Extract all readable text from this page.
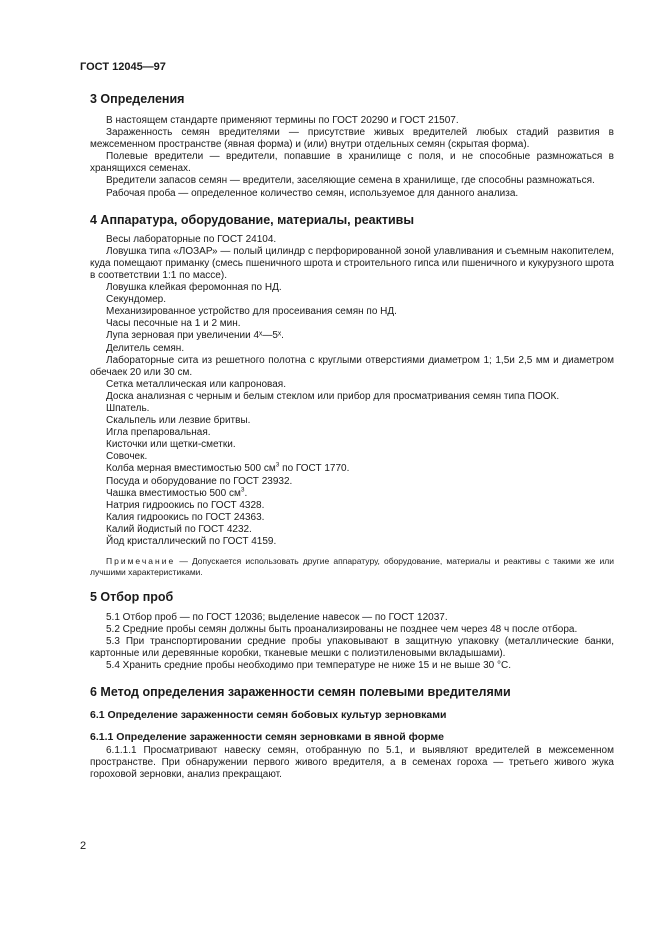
ГОСТ 12045—97
3 Определения

В настоящем стандарте применяют термины по ГОСТ 20290 и ГОСТ 21507.

Зараженность семян вредителями — присутствие живых вредителей любых стадий развития в межсеменном пространстве (явная форма) и (или) внутри отдельных семян (скрытая форма).

Полевые вредители — вредители, попавшие в хранилище с поля, и не способные размножаться в хранящихся семенах.

Вредители запасов семян — вредители, заселяющие семена в хранилище, где способны размножаться.

Рабочая проба — определенное количество семян, используемое для данного анализа.

4 Аппаратура, оборудование, материалы, реактивы

Весы лабораторные по ГОСТ 24104.

Ловушка типа «ЛОЗАР» — полый цилиндр с перфорированной зоной улавливания и съемным накопителем, куда помещают приманку (смесь пшеничного шрота и строительного гипса или пшеничного и кукурузного шрота в соответствии 1:1 по массе).

Ловушка клейкая феромонная по НД.

Секундомер.

Механизированное устройство для просеивания семян по НД.

Часы песочные на 1 и 2 мин.

Лупа зерновая при увеличении 4ˣ—5ˣ.

Делитель семян.

Лабораторные сита из решетного полотна с круглыми отверстиями диаметром 1; 1,5и 2,5 мм и диаметром обечаек 20 или 30 см.

Сетка металлическая или капроновая.

Доска анализная с черным и белым стеклом или прибор для просматривания семян типа ПООК.

Шпатель.

Скальпель или лезвие бритвы.

Игла препаровальная.

Кисточки или щетки-сметки.

Совочек.

Колба мерная вместимостью 500 $см^3$ по ГОСТ 1770.

Посуда и оборудование по ГОСТ 23932.

Чашка вместимостью 500 $см^3$.

Натрия гидроокись по ГОСТ 4328.

Калия гидроокись по ГОСТ 24363.

Калий йодистый по ГОСТ 4232.

Йод кристаллический по ГОСТ 4159.

Примечание — Допускается использовать другие аппаратуру, оборудование, материалы и реактивы с такими же или лучшими характеристиками.

5 Отбор проб

5.1 Отбор проб — по ГОСТ 12036; выделение навесок — по ГОСТ 12037.

5.2 Средние пробы семян должны быть проанализированы не позднее чем через 48 ч после отбора.

5.3 При транспортировании средние пробы упаковывают в защитную упаковку (металлические банки, картонные или деревянные коробки, тканевые мешки с полиэтиленовыми вкладышами).

5.4 Хранить средние пробы необходимо при температуре не ниже 15 и не выше 30 °С.

6 Метод определения зараженности семян полевыми вредителями
6.1 Определение зараженности семян бобовых культур зерновками
6.1.1 Определение зараженности семян зерновками в явной форме

6.1.1.1 Просматривают навеску семян, отобранную по 5.1, и выявляют вредителей в межсеменном пространстве. При обнаружении первого живого вредителя, а в семенах гороха — третьего живого жука гороховой зерновки, анализ прекращают.

2
